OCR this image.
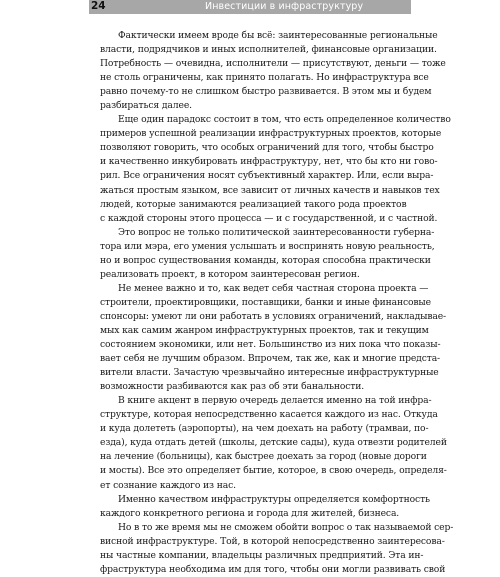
24	Инвестиции в инфраструктуру
Фактически имеем вроде бы всё: заинтересованные региональные
власти, подрядчиков и иных исполнителей, финансовые организации.
Потребность — очевидна, исполнители — присутствуют, деньги — тоже
не столь ограничены, как принято полагать. Но инфраструктура все
равно почему-то не слишком быстро развивается. В этом мы и будем
разбираться далее.
Еще один парадокс состоит в том, что есть определенное количество
примеров успешной реализации инфраструктурных проектов, которые
позволяют говорить, что особых ограничений для того, чтобы быстро
и качественно инкубировать инфраструктуру, нет, что бы кто ни гово-
рил. Все ограничения носят субъективный характер. Или, если выра-
жаться простым языком, все зависит от личных качеств и навыков тех
людей, которые занимаются реализацией такого рода проектов
с каждой стороны этого процесса — и с государственной, и с частной.
Это вопрос не только политической заинтересованности губерна-
тора или мэра, его умения услышать и воспринять новую реальность,
но и вопрос существования команды, которая способна практически
реализовать проект, в котором заинтересован регион.
Не менее важно и то, как ведет себя частная сторона проекта —
строители, проектировщики, поставщики, банки и иные финансовые
спонсоры: умеют ли они работать в условиях ограничений, накладывае-
мых как самим жанром инфраструктурных проектов, так и текущим
состоянием экономики, или нет. Большинство из них пока что показы-
вает себя не лучшим образом. Впрочем, так же, как и многие предста-
вители власти. Зачастую чрезвычайно интересные инфраструктурные
возможности разбиваются как раз об эти банальности.
В книге акцент в первую очередь делается именно на той инфра-
структуре, которая непосредственно касается каждого из нас. Откуда
и куда долететь (аэропорты), на чем доехать на работу (трамваи, по-
езда), куда отдать детей (школы, детские сады), куда отвезти родителей
на лечение (больницы), как быстрее доехать за город (новые дороги
и мосты). Все это определяет бытие, которое, в свою очередь, определя-
ет сознание каждого из нас.
Именно качеством инфраструктуры определяется комфортность
каждого конкретного региона и города для жителей, бизнеса.
Но в то же время мы не сможем обойти вопрос о так называемой сер-
висной инфраструктуре. Той, в которой непосредственно заинтересова-
ны частные компании, владельцы различных предприятий. Эта ин-
фраструктура необходима им для того, чтобы они могли развивать свой
